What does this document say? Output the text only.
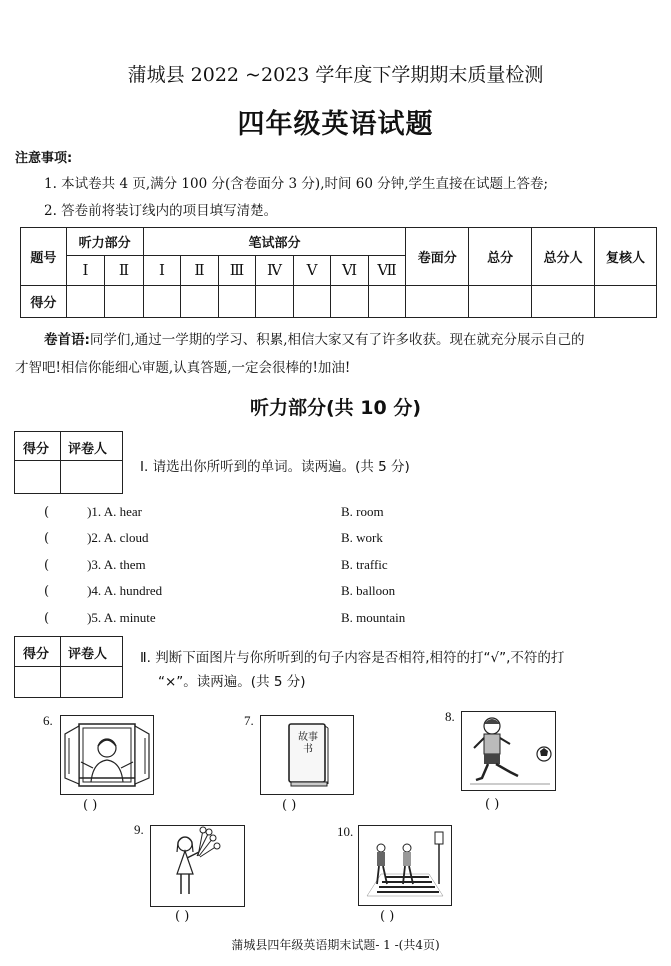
蒲城县 2022 ~2023 学年度下学期期末质量检测
四年级英语试题
注意事项:
1. 本试卷共 4 页,满分 100 分(含卷面分 3 分),时间 60 分钟,学生直接在试题上答卷;
2. 答卷前将装订线内的项目填写清楚。
题号	听力部分		笔试部分							卷面分	总分	总分人	复核人
	Ⅰ	Ⅱ	Ⅰ	Ⅱ	Ⅲ	Ⅳ	Ⅴ	Ⅵ	Ⅶ				
得分													
卷首语:同学们,通过一学期的学习、积累,相信大家又有了许多收获。现在就充分展示自己的
才智吧!相信你能细心审题,认真答题,一定会很棒的!加油!
听力部分(共 10 分)
得分 评卷人
Ⅰ. 请选出你所听到的单词。读两遍。(共 5 分)
(	)1. A. hear	B. room
(	)2. A. cloud	B. work
(	)3. A. them	B. traffic
(	)4. A. hundred	B. balloon
(	)5. A. minute	B. mountain
得分 评卷人 Ⅱ. 判断下面图片与你所听到的句子内容是否相符,相符的打“√”,不符的打
“×”。读两遍。(共 5 分)
6.
( )
7.
故事书
( )
8.
( )
9.
( )
10.
( )
蒲城县四年级英语期末试题- 1 -(共4页)
